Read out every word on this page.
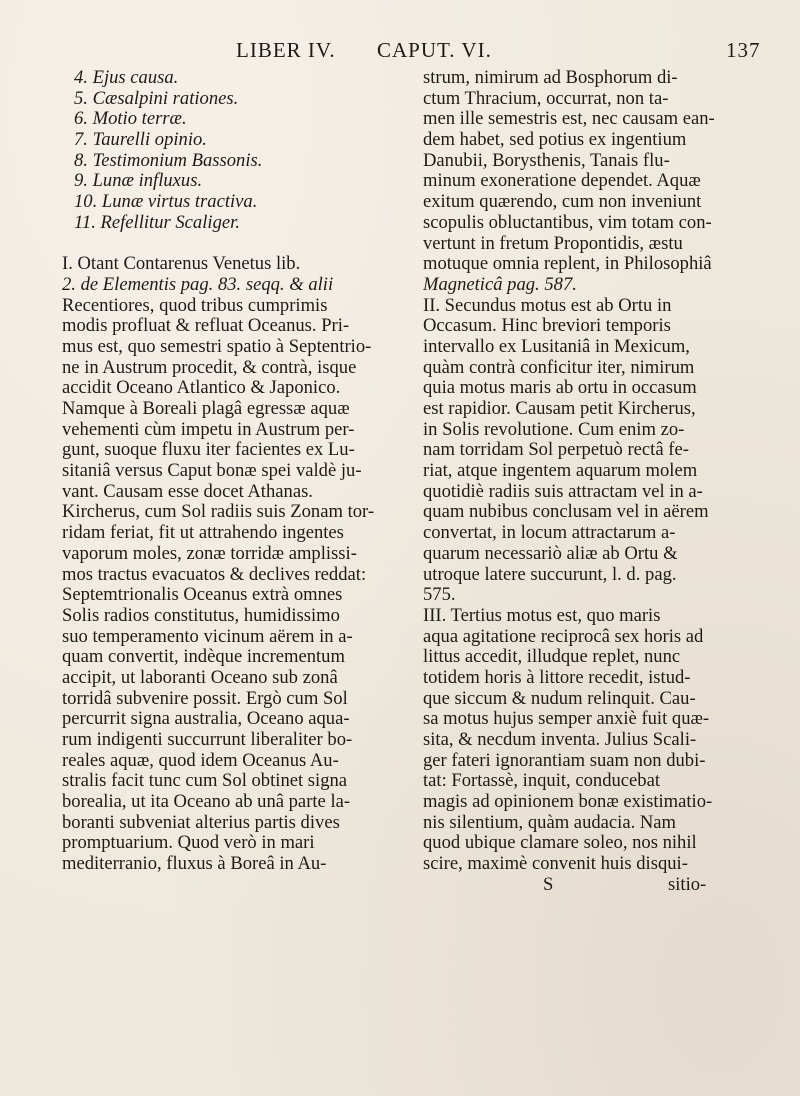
LIBER IV. CAPUT. VI.	137
4. Ejus causa.
5. Cæsalpini rationes.
6. Motio terræ.
7. Taurelli opinio.
8. Testimonium Bassonis.
9. Lunæ influxus.
10. Lunæ virtus tractiva.
11. Refellitur Scaliger.
I. Otant Contarenus Venetus lib.
2. de Elementis pag. 83. seqq. & alii
Recentiores, quod tribus cumprimis
modis profluat & refluat Oceanus. Pri-
mus est, quo semestri spatio à Septentrio-
ne in Austrum procedit, & contrà, isque
accidit Oceano Atlantico & Japonico.
Namque à Boreali plagâ egressæ aquæ
vehementi cùm impetu in Austrum per-
gunt, suoque fluxu iter facientes ex Lu-
sitaniâ versus Caput bonæ spei valdè ju-
vant. Causam esse docet Athanas.
Kircherus, cum Sol radiis suis Zonam tor-
ridam feriat, fit ut attrahendo ingentes
vaporum moles, zonæ torridæ amplissi-
mos tractus evacuatos & declives reddat:
Septemtrionalis Oceanus extrà omnes
Solis radios constitutus, humidissimo
suo temperamento vicinum aërem in a-
quam convertit, indèque incrementum
accipit, ut laboranti Oceano sub zonâ
torridâ subvenire possit. Ergò cum Sol
percurrit signa australia, Oceano aqua-
rum indigenti succurrunt liberaliter bo-
reales aquæ, quod idem Oceanus Au-
stralis facit tunc cum Sol obtinet signa
borealia, ut ita Oceano ab unâ parte la-
boranti subveniat alterius partis dives
promptuarium. Quod verò in mari
mediterranio, fluxus à Boreâ in Au-
strum, nimirum ad Bosphorum di-
ctum Thracium, occurrat, non ta-
men ille semestris est, nec causam ean-
dem habet, sed potius ex ingentium
Danubii, Borysthenis, Tanais flu-
minum exoneratione dependet. Aquæ
exitum quærendo, cum non inveniunt
scopulis obluctantibus, vim totam con-
vertunt in fretum Propontidis, æstu
motuque omnia replent, in Philosophiâ
Magneticâ pag. 587.
II. Secundus motus est ab Ortu in
Occasum. Hinc breviori temporis
intervallo ex Lusitaniâ in Mexicum,
quàm contrà conficitur iter, nimirum
quia motus maris ab ortu in occasum
est rapidior. Causam petit Kircherus,
in Solis revolutione. Cum enim zo-
nam torridam Sol perpetuò rectâ fe-
riat, atque ingentem aquarum molem
quotidiè radiis suis attractam vel in a-
quam nubibus conclusam vel in aërem
convertat, in locum attractarum a-
quarum necessariò aliæ ab Ortu &
utroque latere succurunt, l. d. pag.
575.
III. Tertius motus est, quo maris
aqua agitatione reciprocâ sex horis ad
littus accedit, illudque replet, nunc
totidem horis à littore recedit, istud-
que siccum & nudum relinquit. Cau-
sa motus hujus semper anxiè fuit quæ-
sita, & necdum inventa. Julius Scali-
ger fateri ignorantiam suam non dubi-
tat: Fortassè, inquit, conducebat
magis ad opinionem bonæ existimatio-
nis silentium, quàm audacia. Nam
quod ubique clamare soleo, nos nihil
scire, maximè convenit huis disqui-
S	sitio-
